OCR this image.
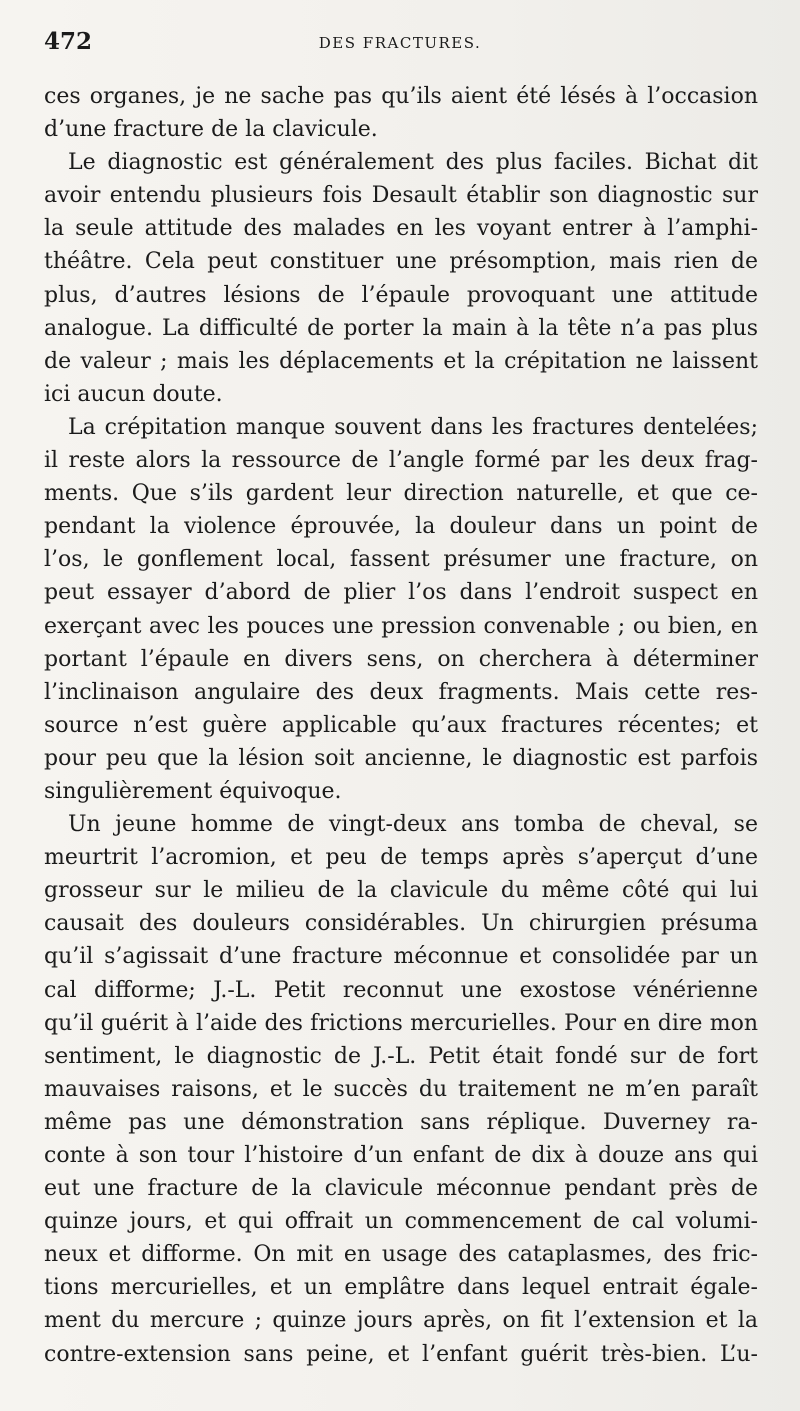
472	DES FRACTURES.
ces organes, je ne sache pas qu’ils aient été lésés à l’occasion
d’une fracture de la clavicule.
Le diagnostic est généralement des plus faciles. Bichat dit
avoir entendu plusieurs fois Desault établir son diagnostic sur
la seule attitude des malades en les voyant entrer à l’amphi-
théâtre. Cela peut constituer une présomption, mais rien de
plus, d’autres lésions de l’épaule provoquant une attitude
analogue. La difficulté de porter la main à la tête n’a pas plus
de valeur ; mais les déplacements et la crépitation ne laissent
ici aucun doute.
La crépitation manque souvent dans les fractures dentelées;
il reste alors la ressource de l’angle formé par les deux frag-
ments. Que s’ils gardent leur direction naturelle, et que ce-
pendant la violence éprouvée, la douleur dans un point de
l’os, le gonflement local, fassent présumer une fracture, on
peut essayer d’abord de plier l’os dans l’endroit suspect en
exerçant avec les pouces une pression convenable ; ou bien, en
portant l’épaule en divers sens, on cherchera à déterminer
l’inclinaison angulaire des deux fragments. Mais cette res-
source n’est guère applicable qu’aux fractures récentes; et
pour peu que la lésion soit ancienne, le diagnostic est parfois
singulièrement équivoque.
Un jeune homme de vingt-deux ans tomba de cheval, se
meurtrit l’acromion, et peu de temps après s’aperçut d’une
grosseur sur le milieu de la clavicule du même côté qui lui
causait des douleurs considérables. Un chirurgien présuma
qu’il s’agissait d’une fracture méconnue et consolidée par un
cal difforme; J.-L. Petit reconnut une exostose vénérienne
qu’il guérit à l’aide des frictions mercurielles. Pour en dire mon
sentiment, le diagnostic de J.-L. Petit était fondé sur de fort
mauvaises raisons, et le succès du traitement ne m’en paraît
même pas une démonstration sans réplique. Duverney ra-
conte à son tour l’histoire d’un enfant de dix à douze ans qui
eut une fracture de la clavicule méconnue pendant près de
quinze jours, et qui offrait un commencement de cal volumi-
neux et difforme. On mit en usage des cataplasmes, des fric-
tions mercurielles, et un emplâtre dans lequel entrait égale-
ment du mercure ; quinze jours après, on fit l’extension et la
contre-extension sans peine, et l’enfant guérit très-bien. L’u-
